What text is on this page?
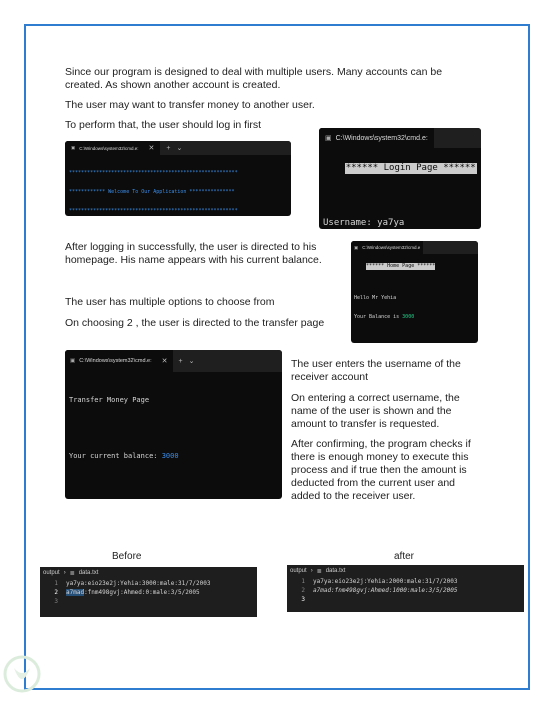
Since our program is designed to deal with multiple users. Many accounts can be created. As shown another account is created.
The user may want to transfer money to another user.
To perform that, the user should log in first
▣ C:\Windows\system32\cmd.e: ✕ + ⌄

********************************************************

************ Welcome To Our Application ***************

********************************************************

▣ C:\Windows\system32\cmd.e:

****** Login Page ******

Username: ya7ya

After logging in successfully, the user is directed to his homepage. His name appears with his current balance.
The user has multiple options to choose from
On choosing 2 , the user is directed to the transfer page
▣ C:\Windows\system32\cmd.e

****** Home Page ******

Hello Mr Yehia

Your Balance is 3000

▣ C:\Windows\system32\cmd.e: ✕ + ⌄

Transfer Money Page

Your current balance: 3000

The user enters the username of the receiver account
On entering a correct username, the name of the user is shown and the amount to transfer is requested.
After confirming, the program checks if there is enough money to execute this process and if true then the amount is deducted from the current user and added to the receiver user.
Before	after
output › ≣ data.txt
1	ya7ya:eio23e2j:Yehia:3000:male:31/7/2003
2	a7mad :fnm498gvj:Ahmed:0:male:3/5/2005
3
output › ≣ data.txt
1	ya7ya:eio23e2j:Yehia:2000:male:31/7/2003
2	a7mad:fnm498gvj:Ahmed:1000:male:3/5/2005
3
